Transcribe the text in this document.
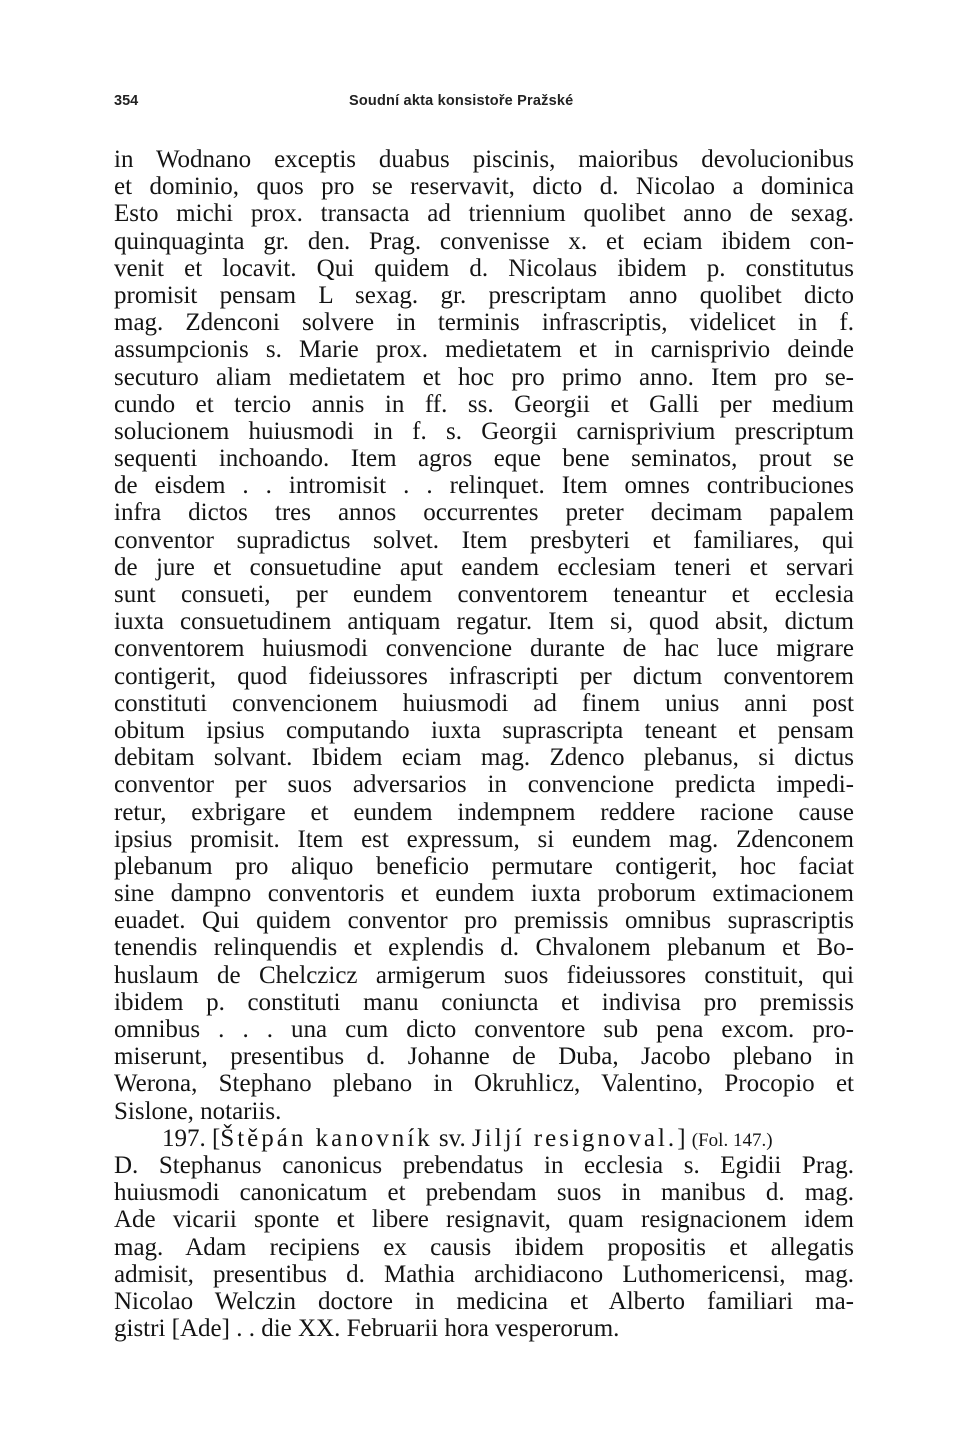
354	Soudní akta konsistoře Pražské
in Wodnano exceptis duabus piscinis, maioribus devolucionibus
et dominio, quos pro se reservavit, dicto d. Nicolao a dominica
Esto michi prox. transacta ad triennium quolibet anno de sexag.
quinquaginta gr. den. Prag. convenisse x. et eciam ibidem con-
venit et locavit. Qui quidem d. Nicolaus ibidem p. constitutus
promisit pensam L sexag. gr. prescriptam anno quolibet dicto
mag. Zdenconi solvere in terminis infrascriptis, videlicet in f.
assumpcionis s. Marie prox. medietatem et in carnisprivio deinde
secuturo aliam medietatem et hoc pro primo anno. Item pro se-
cundo et tercio annis in ff. ss. Georgii et Galli per medium
solucionem huiusmodi in f. s. Georgii carnisprivium prescriptum
sequenti inchoando. Item agros eque bene seminatos, prout se
de eisdem . . intromisit . . relinquet. Item omnes contribuciones
infra dictos tres annos occurrentes preter decimam papalem
conventor supradictus solvet. Item presbyteri et familiares, qui
de jure et consuetudine aput eandem ecclesiam teneri et servari
sunt consueti, per eundem conventorem teneantur et ecclesia
iuxta consuetudinem antiquam regatur. Item si, quod absit, dictum
conventorem huiusmodi convencione durante de hac luce migrare
contigerit, quod fideiussores infrascripti per dictum conventorem
constituti convencionem huiusmodi ad finem unius anni post
obitum ipsius computando iuxta suprascripta teneant et pensam
debitam solvant. Ibidem eciam mag. Zdenco plebanus, si dictus
conventor per suos adversarios in convencione predicta impedi-
retur, exbrigare et eundem indempnem reddere racione cause
ipsius promisit. Item est expressum, si eundem mag. Zdenconem
plebanum pro aliquo beneficio permutare contigerit, hoc faciat
sine dampno conventoris et eundem iuxta proborum extimacionem
euadet. Qui quidem conventor pro premissis omnibus suprascriptis
tenendis relinquendis et explendis d. Chvalonem plebanum et Bo-
huslaum de Chelczicz armigerum suos fideiussores constituit, qui
ibidem p. constituti manu coniuncta et indivisa pro premissis
omnibus . . . una cum dicto conventore sub pena excom. pro-
miserunt, presentibus d. Johanne de Duba, Jacobo plebano in
Werona, Stephano plebano in Okruhlicz, Valentino, Procopio et
Sislone, notariis.
197. [Štěpán kanovník sv. Jiljí resignoval.] (Fol. 147.)
D. Stephanus canonicus prebendatus in ecclesia s. Egidii Prag.
huiusmodi canonicatum et prebendam suos in manibus d. mag.
Ade vicarii sponte et libere resignavit, quam resignacionem idem
mag. Adam recipiens ex causis ibidem propositis et allegatis
admisit, presentibus d. Mathia archidiacono Luthomericensi, mag.
Nicolao Welczin doctore in medicina et Alberto familiari ma-
gistri [Ade] . . die XX. Februarii hora vesperorum.
